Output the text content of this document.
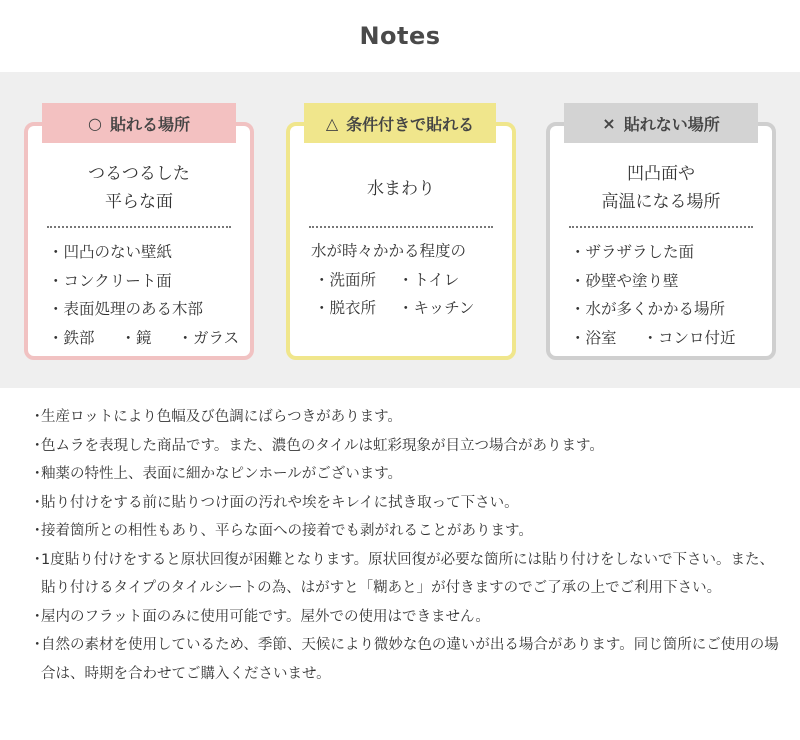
Notes
つるつるした
平らな面
・凹凸のない壁紙
・コンクリート面
・表面処理のある木部
・鉄部 ・鏡 ・ガラス
○ 貼れる場所
水まわり
水が時々かかる程度の
・洗面所 ・トイレ
・脱衣所 ・キッチン
△ 条件付きで貼れる
凹凸面や
高温になる場所
・ザラザラした面
・砂壁や塗り壁
・水が多くかかる場所
・浴室 ・コンロ付近
× 貼れない場所
・ 生産ロットにより色幅及び色調にばらつきがあります。
・ 色ムラを表現した商品です。また、濃色のタイルは虹彩現象が目立つ場合があります。
・ 釉薬の特性上、表面に細かなピンホールがございます。
・ 貼り付けをする前に貼りつけ面の汚れや埃をキレイに拭き取って下さい。
・ 接着箇所との相性もあり、平らな面への接着でも剥がれることがあります。
・ 1度貼り付けをすると原状回復が困難となります。原状回復が必要な箇所には貼り付けをしないで下さい。また、貼り付けるタイプのタイルシートの為、はがすと「糊あと」が付きますのでご了承の上でご利用下さい。
・ 屋内のフラット面のみに使用可能です。屋外での使用はできません。
・ 自然の素材を使用しているため、季節、天候により微妙な色の違いが出る場合があります。同じ箇所にご使用の場合は、時期を合わせてご購入くださいませ。
